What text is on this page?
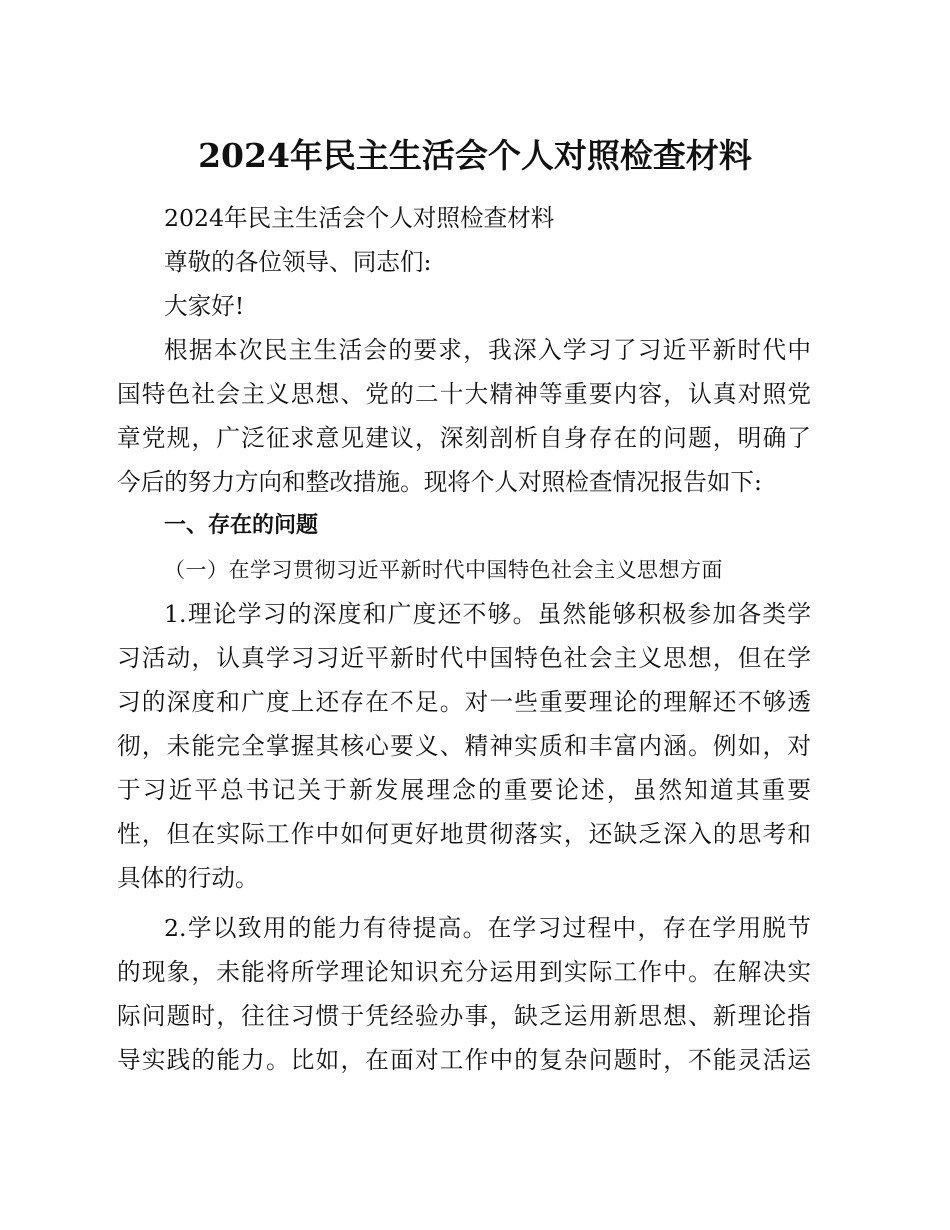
2024年民主生活会个人对照检查材料

2024年民主生活会个人对照检查材料

尊敬的各位领导、同志们:

大家好!

根据本次民主生活会的要求，我深入学习了习近平新时代中
国特色社会主义思想、党的二十大精神等重要内容，认真对照党
章党规，广泛征求意见建议，深刻剖析自身存在的问题，明确了
今后的努力方向和整改措施。现将个人对照检查情况报告如下:

一、存在的问题

（一）在学习贯彻习近平新时代中国特色社会主义思想方面

1.理论学习的深度和广度还不够。虽然能够积极参加各类学
习活动，认真学习习近平新时代中国特色社会主义思想，但在学
习的深度和广度上还存在不足。对一些重要理论的理解还不够透
彻，未能完全掌握其核心要义、精神实质和丰富内涵。例如，对
于习近平总书记关于新发展理念的重要论述，虽然知道其重要
性，但在实际工作中如何更好地贯彻落实，还缺乏深入的思考和
具体的行动。

2.学以致用的能力有待提高。在学习过程中，存在学用脱节
的现象，未能将所学理论知识充分运用到实际工作中。在解决实
际问题时，往往习惯于凭经验办事，缺乏运用新思想、新理论指
导实践的能力。比如，在面对工作中的复杂问题时，不能灵活运
